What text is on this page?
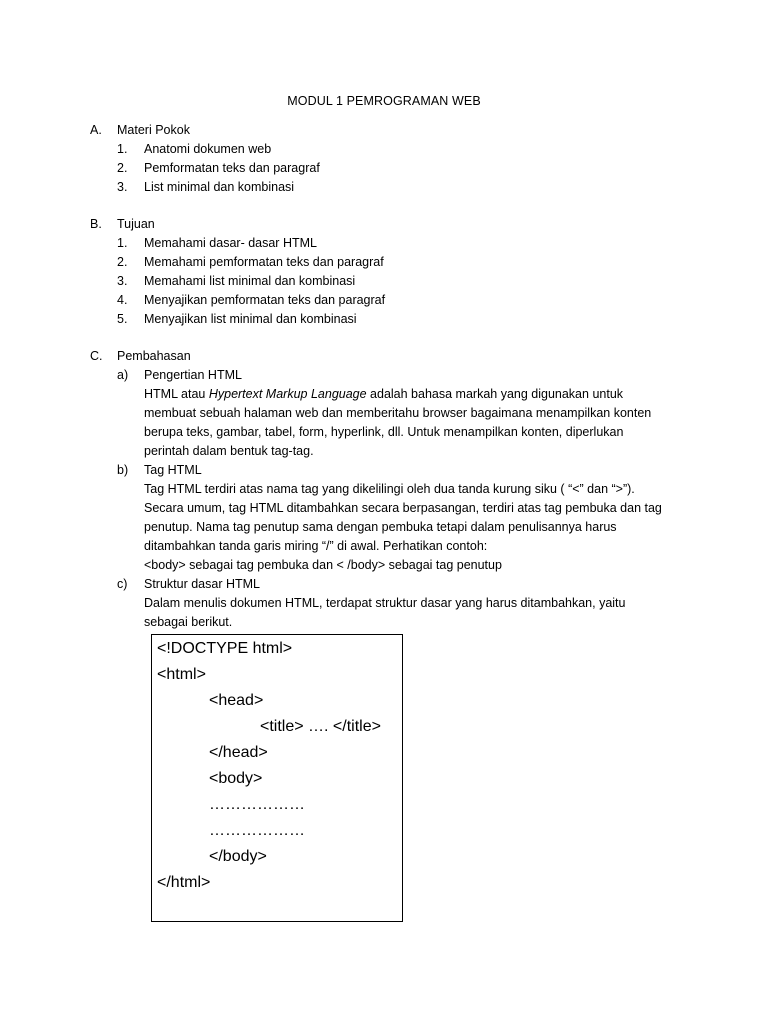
MODUL 1 PEMROGRAMAN WEB
A. Materi Pokok
1. Anatomi dokumen web
2. Pemformatan teks dan paragraf
3. List minimal dan kombinasi
B. Tujuan
1. Memahami dasar- dasar HTML
2. Memahami pemformatan teks dan paragraf
3. Memahami list minimal dan kombinasi
4. Menyajikan pemformatan teks dan paragraf
5. Menyajikan list minimal dan kombinasi
C. Pembahasan
a) Pengertian HTML

HTML atau Hypertext Markup Language adalah bahasa markah yang digunakan untuk

membuat sebuah halaman web dan memberitahu browser bagaimana menampilkan konten

berupa teks, gambar, tabel, form, hyperlink, dll. Untuk menampilkan konten, diperlukan

perintah dalam bentuk tag-tag.

b) Tag HTML

Tag HTML terdiri atas nama tag yang dikelilingi oleh dua tanda kurung siku ( “<” dan “>”).

Secara umum, tag HTML ditambahkan secara berpasangan, terdiri atas tag pembuka dan tag

penutup. Nama tag penutup sama dengan pembuka tetapi dalam penulisannya harus

ditambahkan tanda garis miring “/” di awal. Perhatikan contoh:

<body> sebagai tag pembuka dan < /body> sebagai tag penutup

c) Struktur dasar HTML

Dalam menulis dokumen HTML, terdapat struktur dasar yang harus ditambahkan, yaitu

sebagai berikut.

<!DOCTYPE html>
<html>
<head>
<title> …. </title>
</head>
<body>
………………
………………
</body>
</html>
